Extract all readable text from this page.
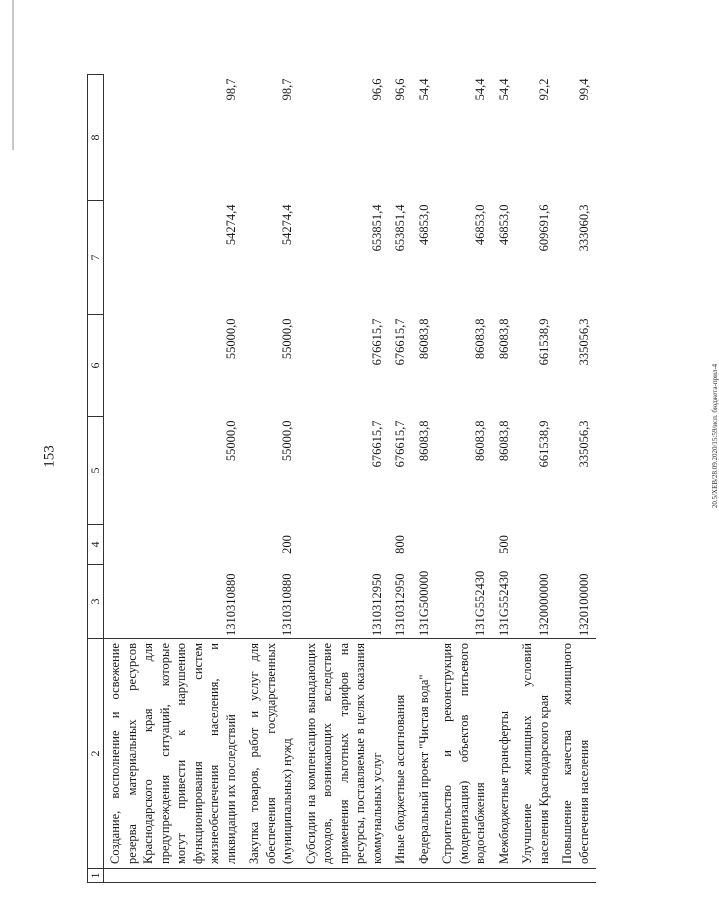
153	20.5/XEB/28.09.2020/15:59/исп. бюджета-прил-4
1	2	3	4	5	6	7	8
	Создание, восполнение и освежение резерва материальных ресурсов Краснодарского края для предупреждения ситуаций, которые могут привести к нарушению функционирования систем жизнеобеспечения населения, и ликвидации их последствий	1310310880		55000,0	55000,0	54274,4	98,7
	Закупка товаров, работ и услуг для обеспечения государственных (муниципальных) нужд	1310310880	200	55000,0	55000,0	54274,4	98,7
	Субсидии на компенсацию выпадающих доходов, возникающих вследствие применения льготных тарифов на ресурсы, поставляемые в целях оказания коммунальных услуг	1310312950		676615,7	676615,7	653851,4	96,6
	Иные бюджетные ассигнования	1310312950	800	676615,7	676615,7	653851,4	96,6
	Федеральный проект "Чистая вода"	131G500000		86083,8	86083,8	46853,0	54,4
	Строительство и реконструкция (модернизация) объектов питьевого водоснабжения	131G552430		86083,8	86083,8	46853,0	54,4
	Межбюджетные трансферты	131G552430	500	86083,8	86083,8	46853,0	54,4
	Улучшение жилищных условий населения Краснодарского края	1320000000		661538,9	661538,9	609691,6	92,2
	Повышение качества жилищного обеспечения населения	1320100000		335056,3	335056,3	333060,3	99,4
